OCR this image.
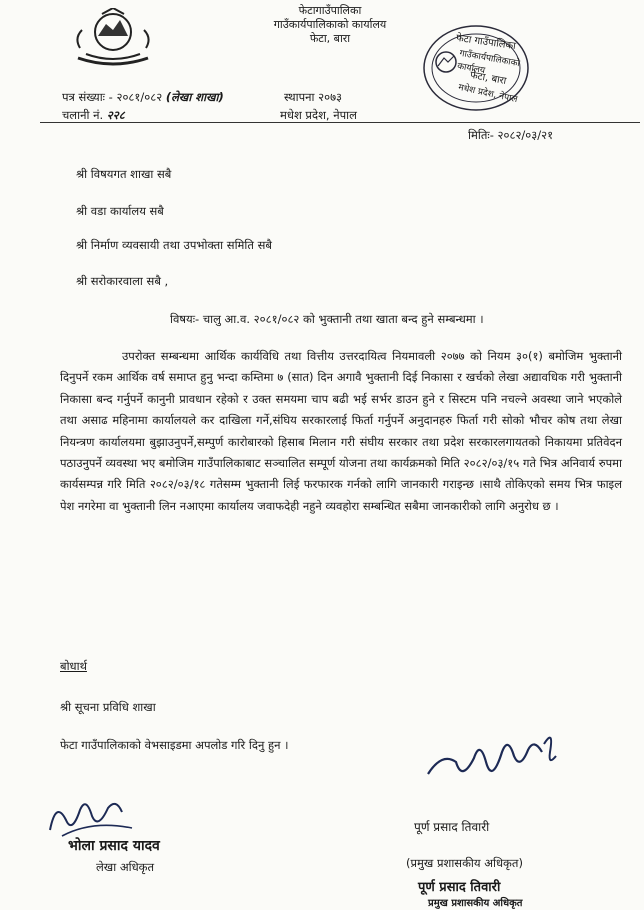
फेटागाउँपालिका
गाउँकार्यपालिकाको कार्यालय
फेटा, बारा	फेटा गाउँपालिका
गाउँकार्यपालिकाको कार्यालय
फेटा, बारा
मधेश प्रदेश, नेपाल
पत्र संख्याः - २०८१/०८२ (लेखा शाखा)	स्थापना २०७३
चलानी नं. २२८	मधेश प्रदेश, नेपाल
मितिः- २०८२/०३/२१
श्री विषयगत शाखा सबै
श्री वडा कार्यालय सबै
श्री निर्माण व्यवसायी तथा उपभोक्ता समिति सबै
श्री सरोकारवाला सबै ,
विषयः- चालु आ.व. २०८१/०८२ को भुक्तानी तथा खाता बन्द हुने सम्बन्धमा ।
उपरोक्त सम्बन्धमा आर्थिक कार्यविधि तथा वित्तीय उत्तरदायित्व नियमावली २०७७ को नियम ३०(१) बमोजिम भुक्तानी दिनुपर्ने रकम आर्थिक वर्ष समाप्त हुनु भन्दा कम्तिमा ७ (सात) दिन अगावै भुक्तानी दिई निकासा र खर्चको लेखा अद्यावधिक गरी भुक्तानी निकासा बन्द गर्नुपर्ने कानुनी प्रावधान रहेको र उक्त समयमा चाप बढी भई सर्भर डाउन हुने र सिस्टम पनि नचल्ने अवस्था जाने भएकोले तथा असाढ महिनामा कार्यालयले कर दाखिला गर्ने,संघिय सरकारलाई फिर्ता गर्नुपर्ने अनुदानहरु फिर्ता गरी सोको भौचर कोष तथा लेखा नियन्त्रण कार्यालयमा बुझाउनुपर्ने,सम्पुर्ण कारोबारको हिसाब मिलान गरी संघीय सरकार तथा प्रदेश सरकारलगायतको निकायमा प्रतिवेदन पठाउनुपर्ने व्यवस्था भए बमोजिम गाउँपालिकाबाट सञ्चालित सम्पूर्ण योजना तथा कार्यक्रमको मिति २०८२/०३/१५ गते भित्र अनिवार्य रुपमा कार्यसम्पन्न गरि मिति २०८२/०३/१८ गतेसम्म भुक्तानी लिई फरफारक गर्नको लागि जानकारी गराइन्छ ।साथै तोकिएको समय भित्र फाइल पेश नगरेमा वा भुक्तानी लिन नआएमा कार्यालय जवाफदेही नहुने व्यवहोरा सम्बन्धित सबैमा जानकारीको लागि अनुरोध छ ।
बोधार्थ
श्री सूचना प्रविधि शाखा
फेटा गाउँपालिकाको वेभसाइडमा अपलोड गरि दिनु हुन ।
पूर्ण प्रसाद तिवारी
(प्रमुख प्रशासकीय अधिकृत)
पूर्ण प्रसाद तिवारी
प्रमुख प्रशासकीय अधिकृत
भोला प्रसाद यादव
लेखा अधिकृत
